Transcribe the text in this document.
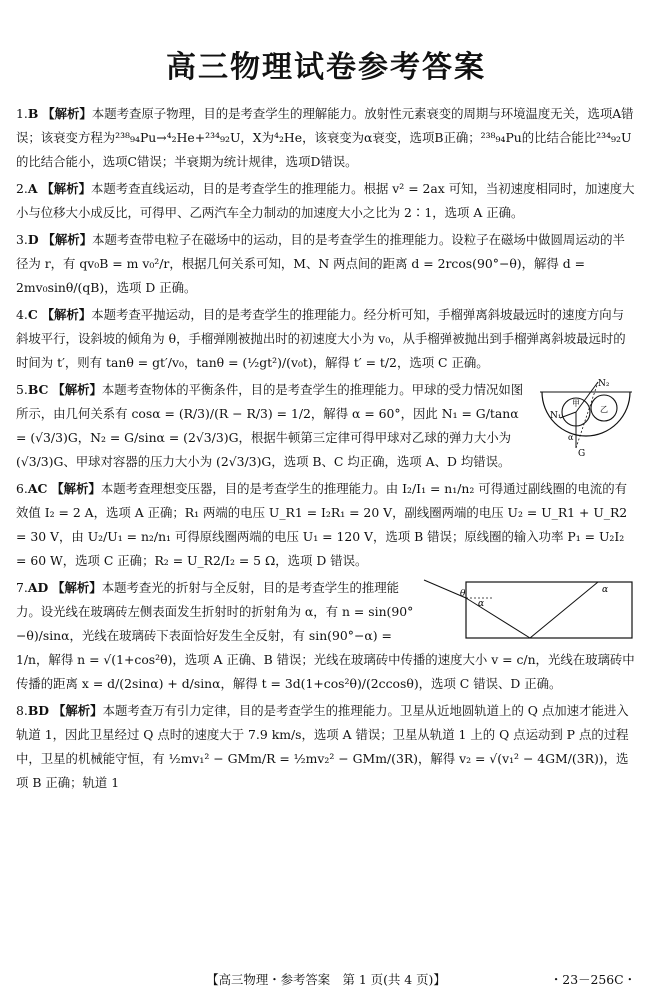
高三物理试卷参考答案
1.B 【解析】本题考查原子物理，目的是考查学生的理解能力。放射性元素衰变的周期与环境温度无关，选项A错误；该衰变方程为²³⁸₉₄Pu→⁴₂He+²³⁴₉₂U，X为⁴₂He，该衰变为α衰变，选项B正确；²³⁸₉₄Pu的比结合能比²³⁴₉₂U的比结合能小，选项C错误；半衰期为统计规律，选项D错误。
2.A 【解析】本题考查直线运动，目的是考查学生的推理能力。根据 v² = 2ax 可知，当初速度相同时，加速度大小与位移大小成反比，可得甲、乙两汽车全力制动的加速度大小之比为 2∶1，选项 A 正确。
3.D 【解析】本题考查带电粒子在磁场中的运动，目的是考查学生的推理能力。设粒子在磁场中做圆周运动的半径为 r，有 qv₀B = m v₀²/r，根据几何关系可知，M、N 两点间的距离 d = 2rcos(90°−θ)，解得 d = 2mv₀sinθ/(qB)，选项 D 正确。
4.C 【解析】本题考查平抛运动，目的是考查学生的推理能力。经分析可知，手榴弹离斜坡最远时的速度方向与斜坡平行，设斜坡的倾角为 θ，手榴弹刚被抛出时的初速度大小为 v₀，从手榴弹被抛出到手榴弹离斜坡最远时的时间为 t′，则有 tanθ = gt′/v₀，tanθ = (½gt²)/(v₀t)，解得 t′ = t/2，选项 C 正确。
N₂
N₁
甲
乙
α
G
5.BC 【解析】本题考查物体的平衡条件，目的是考查学生的推理能力。甲球的受力情况如图所示，由几何关系有 cosα = (R/3)/(R − R/3) = 1/2，解得 α = 60°，因此 N₁ = G/tanα = (√3/3)G，N₂ = G/sinα = (2√3/3)G，根据牛顿第三定律可得甲球对乙球的弹力大小为 (√3/3)G、甲球对容器的压力大小为 (2√3/3)G，选项 B、C 均正确，选项 A、D 均错误。
6.AC 【解析】本题考查理想变压器，目的是考查学生的推理能力。由 I₂/I₁ = n₁/n₂ 可得通过副线圈的电流的有效值 I₂ = 2 A，选项 A 正确；R₁ 两端的电压 U_R1 = I₂R₁ = 20 V，副线圈两端的电压 U₂ = U_R1 + U_R2 = 30 V，由 U₂/U₁ = n₂/n₁ 可得原线圈两端的电压 U₁ = 120 V，选项 B 错误；原线圈的输入功率 P₁ = U₂I₂ = 60 W，选项 C 正确；R₂ = U_R2/I₂ = 5 Ω，选项 D 错误。
θ
α
α
7.AD 【解析】本题考查光的折射与全反射，目的是考查学生的推理能力。设光线在玻璃砖左侧表面发生折射时的折射角为 α，有 n = sin(90°−θ)/sinα，光线在玻璃砖下表面恰好发生全反射，有 sin(90°−α) = 1/n，解得 n = √(1+cos²θ)，选项 A 正确、B 错误；光线在玻璃砖中传播的速度大小 v = c/n，光线在玻璃砖中传播的距离 x = d/(2sinα) + d/sinα，解得 t = 3d(1+cos²θ)/(2ccosθ)，选项 C 错误、D 正确。
8.BD 【解析】本题考查万有引力定律，目的是考查学生的推理能力。卫星从近地圆轨道上的 Q 点加速才能进入轨道 1，因此卫星经过 Q 点时的速度大于 7.9 km/s，选项 A 错误；卫星从轨道 1 上的 Q 点运动到 P 点的过程中，卫星的机械能守恒，有 ½mv₁² − GMm/R = ½mv₂² − GMm/(3R)，解得 v₂ = √(v₁² − 4GM/(3R))，选项 B 正确；轨道 1
【高三物理・参考答案　第 1 页(共 4 页)】	・23－256C・
